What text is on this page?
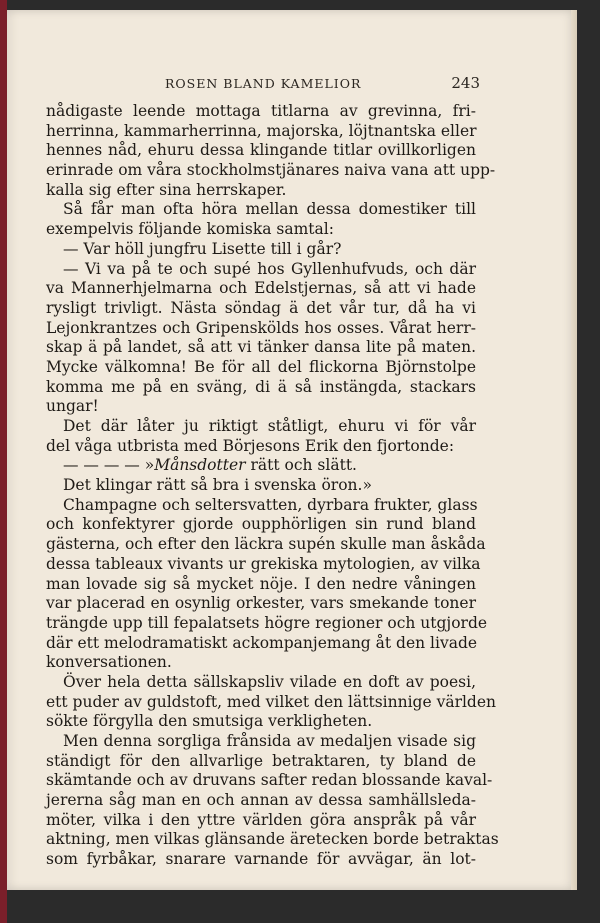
ROSEN BLAND KAMELIOR	243
nådigaste leende mottaga titlarna av grevinna, fri-
herrinna, kammarherrinna, majorska, löjtnantska eller
hennes nåd, ehuru dessa klingande titlar ovillkorligen
erinrade om våra stockholmstjänares naiva vana att upp-
kalla sig efter sina herrskaper.
Så får man ofta höra mellan dessa domestiker till
exempelvis följande komiska samtal:
— Var höll jungfru Lisette till i går?
— Vi va på te och supé hos Gyllenhufvuds, och där
va Mannerhjelmarna och Edelstjernas, så att vi hade
rysligt trivligt. Nästa söndag ä det vår tur, då ha vi
Lejonkrantzes och Gripenskölds hos osses. Vårat herr-
skap ä på landet, så att vi tänker dansa lite på maten.
Mycke välkomna! Be för all del flickorna Björnstolpe
komma me på en sväng, di ä så instängda, stackars
ungar!
Det där låter ju riktigt ståtligt, ehuru vi för vår
del våga utbrista med Börjesons Erik den fjortonde:
— — — — »Månsdotter rätt och slätt.
Det klingar rätt så bra i svenska öron.»
Champagne och seltersvatten, dyrbara frukter, glass
och konfektyrer gjorde oupphörligen sin rund bland
gästerna, och efter den läckra supén skulle man åskåda
dessa tableaux vivants ur grekiska mytologien, av vilka
man lovade sig så mycket nöje. I den nedre våningen
var placerad en osynlig orkester, vars smekande toner
trängde upp till fepalatsets högre regioner och utgjorde
där ett melodramatiskt ackompanjemang åt den livade
konversationen.
Över hela detta sällskapsliv vilade en doft av poesi,
ett puder av guldstoft, med vilket den lättsinnige världen
sökte förgylla den smutsiga verkligheten.
Men denna sorgliga frånsida av medaljen visade sig
ständigt för den allvarlige betraktaren, ty bland de
skämtande och av druvans safter redan blossande kaval-
jererna såg man en och annan av dessa samhällsleda-
möter, vilka i den yttre världen göra anspråk på vår
aktning, men vilkas glänsande äretecken borde betraktas
som fyrbåkar, snarare varnande för avvägar, än lot-
